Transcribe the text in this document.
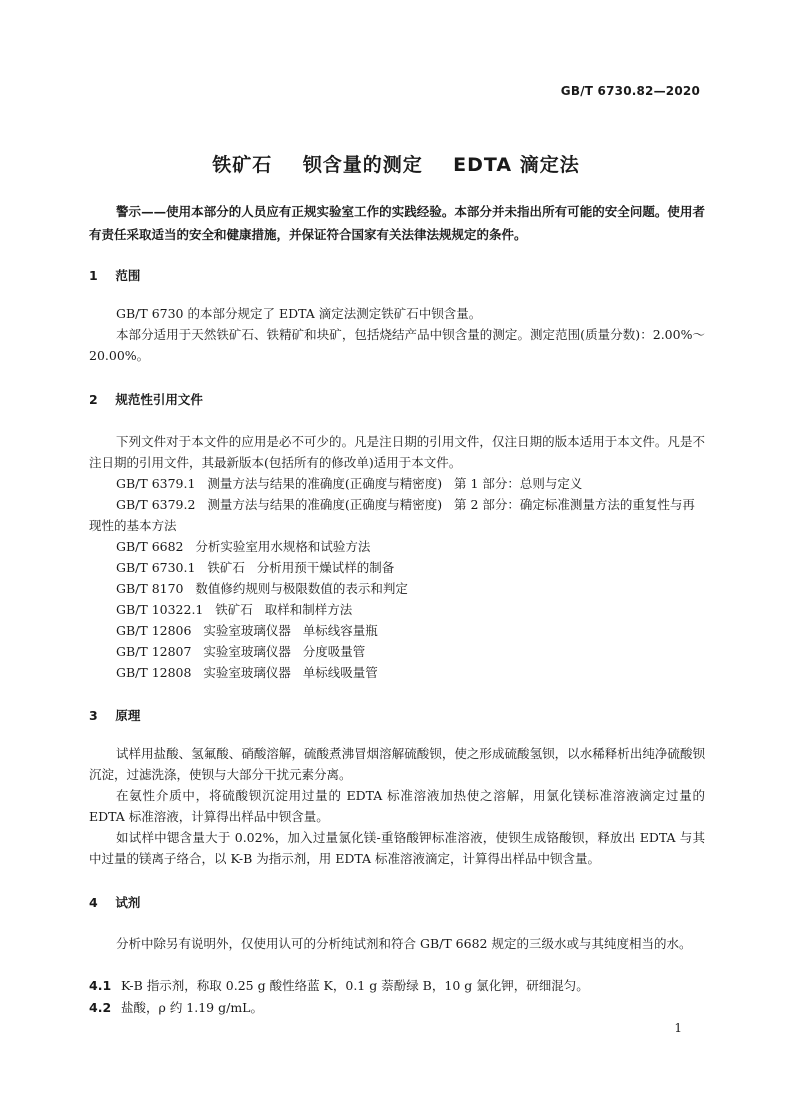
GB/T 6730.82—2020
铁矿石    钡含量的测定    EDTA 滴定法
警示——使用本部分的人员应有正规实验室工作的实践经验。本部分并未指出所有可能的安全问题。使用者有责任采取适当的安全和健康措施，并保证符合国家有关法律法规规定的条件。
1 范围
GB/T 6730 的本部分规定了 EDTA 滴定法测定铁矿石中钡含量。
本部分适用于天然铁矿石、铁精矿和块矿，包括烧结产品中钡含量的测定。测定范围(质量分数)：2.00%～20.00%。
2 规范性引用文件
下列文件对于本文件的应用是必不可少的。凡是注日期的引用文件，仅注日期的版本适用于本文件。凡是不注日期的引用文件，其最新版本(包括所有的修改单)适用于本文件。
GB/T 6379.1   测量方法与结果的准确度(正确度与精密度)   第 1 部分：总则与定义
GB/T 6379.2   测量方法与结果的准确度(正确度与精密度)   第 2 部分：确定标准测量方法的重复性与再现性的基本方法
GB/T 6682   分析实验室用水规格和试验方法
GB/T 6730.1   铁矿石   分析用预干燥试样的制备
GB/T 8170   数值修约规则与极限数值的表示和判定
GB/T 10322.1   铁矿石   取样和制样方法
GB/T 12806   实验室玻璃仪器   单标线容量瓶
GB/T 12807   实验室玻璃仪器   分度吸量管
GB/T 12808   实验室玻璃仪器   单标线吸量管
3 原理
试样用盐酸、氢氟酸、硝酸溶解，硫酸煮沸冒烟溶解硫酸钡，使之形成硫酸氢钡，以水稀释析出纯净硫酸钡沉淀，过滤洗涤，使钡与大部分干扰元素分离。
在氨性介质中，将硫酸钡沉淀用过量的 EDTA 标准溶液加热使之溶解，用氯化镁标准溶液滴定过量的 EDTA 标准溶液，计算得出样品中钡含量。
如试样中锶含量大于 0.02%，加入过量氯化镁-重铬酸钾标准溶液，使钡生成铬酸钡，释放出 EDTA 与其中过量的镁离子络合，以 K-B 为指示剂，用 EDTA 标准溶液滴定，计算得出样品中钡含量。
4 试剂
分析中除另有说明外，仅使用认可的分析纯试剂和符合 GB/T 6682 规定的三级水或与其纯度相当的水。
4.1 K-B 指示剂，称取 0.25 g 酸性络蓝 K，0.1 g 萘酚绿 B，10 g 氯化钾，研细混匀。
4.2 盐酸，ρ 约 1.19 g/mL。
1
